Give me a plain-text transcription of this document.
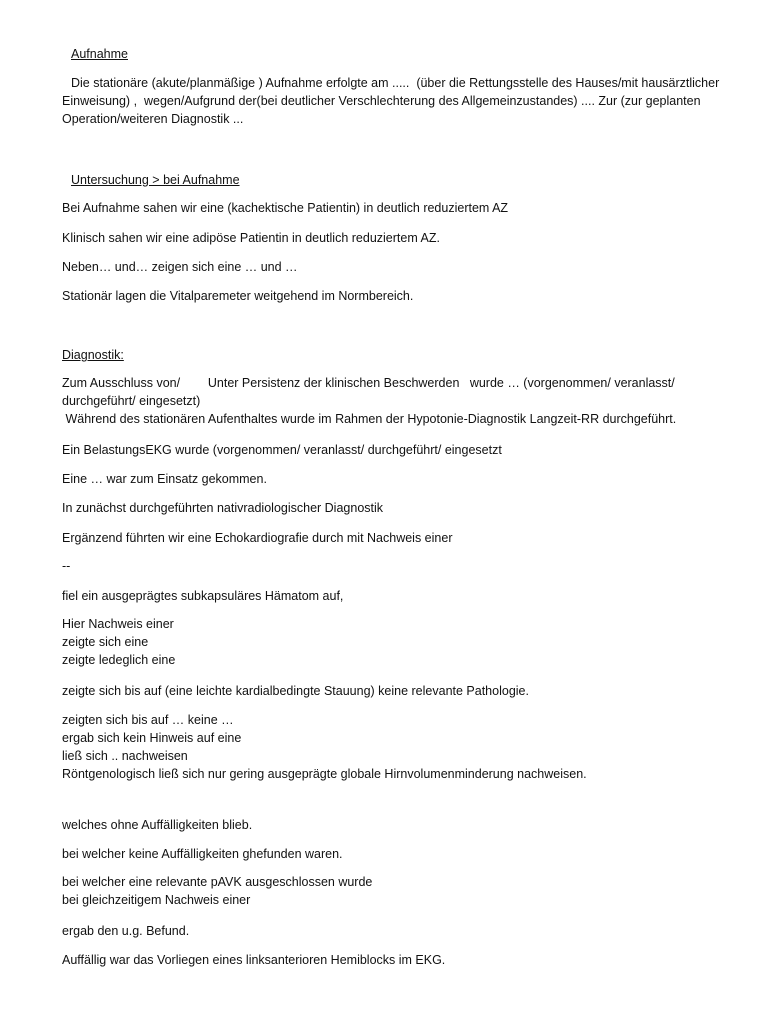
Aufnahme

Die stationäre (akute/planmäßige ) Aufnahme erfolgte am .....  (über die Rettungsstelle des Hauses/mit hausärztlicher
Einweisung) ,  wegen/Aufgrund der(bei deutlicher Verschlechterung des Allgemeinzustandes) .... Zur (zur geplanten
Operation/weiteren Diagnostik ...

Untersuchung > bei Aufnahme

Bei Aufnahme sahen wir eine (kachektische Patientin) in deutlich reduziertem AZ

Klinisch sahen wir eine adipöse Patientin in deutlich reduziertem AZ.

Neben… und… zeigen sich eine … und …

Stationär lagen die Vitalparemeter weitgehend im Normbereich.

Diagnostik:

Zum Ausschluss von/        Unter Persistenz der klinischen Beschwerden   wurde … (vorgenommen/ veranlasst/
durchgeführt/ eingesetzt)
Während des stationären Aufenthaltes wurde im Rahmen der Hypotonie-Diagnostik Langzeit-RR durchgeführt.

Ein BelastungsEKG wurde (vorgenommen/ veranlasst/ durchgeführt/ eingesetzt

Eine … war zum Einsatz gekommen.

In zunächst durchgeführten nativradiologischer Diagnostik

Ergänzend führten wir eine Echokardiografie durch mit Nachweis einer

--

fiel ein ausgeprägtes subkapsuläres Hämatom auf,

Hier Nachweis einer
zeigte sich eine
zeigte ledeglich eine

zeigte sich bis auf (eine leichte kardialbedingte Stauung) keine relevante Pathologie.

zeigten sich bis auf … keine …
ergab sich kein Hinweis auf eine
ließ sich .. nachweisen
Röntgenologisch ließ sich nur gering ausgeprägte globale Hirnvolumenminderung nachweisen.

welches ohne Auffälligkeiten blieb.

bei welcher keine Auffälligkeiten ghefunden waren.

bei welcher eine relevante pAVK ausgeschlossen wurde
bei gleichzeitigem Nachweis einer

ergab den u.g. Befund.

Auffällig war das Vorliegen eines linksanterioren Hemiblocks im EKG.
